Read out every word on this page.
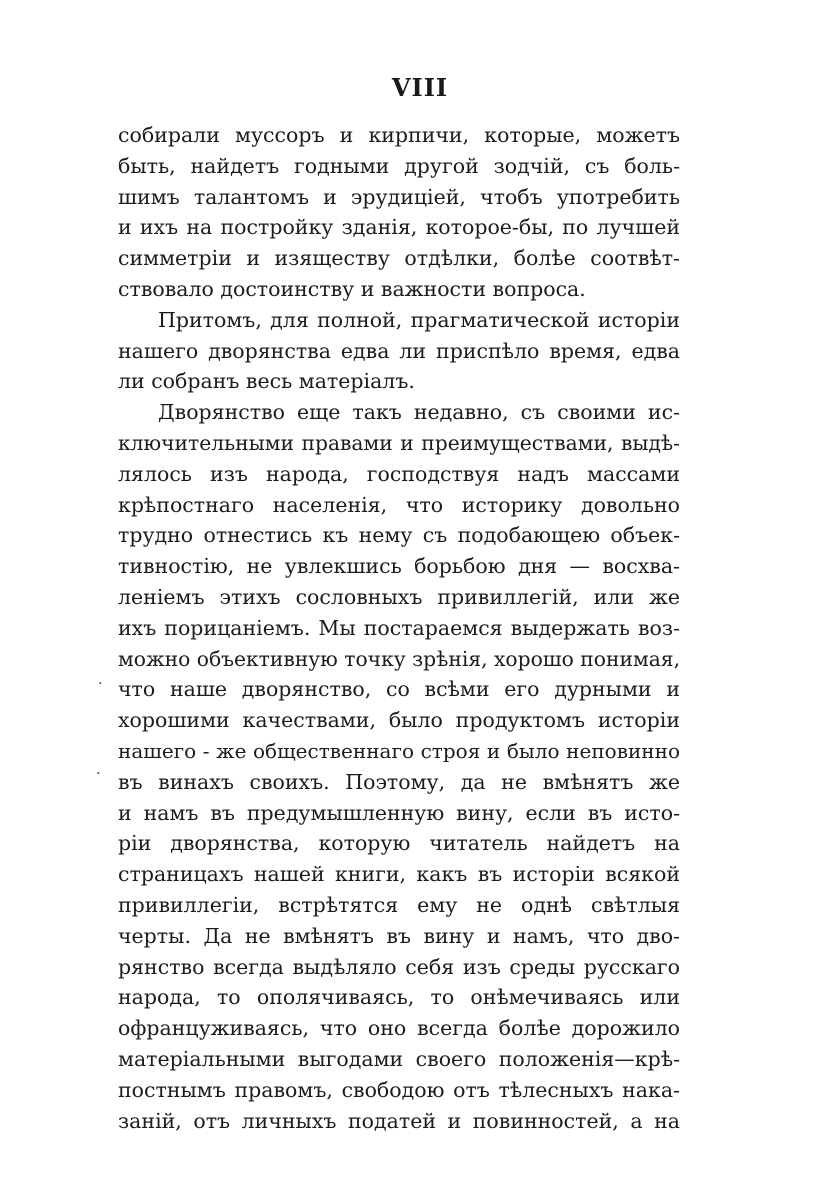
VIII
·
·
собирали муссоръ и кирпичи, которые, можетъ
быть, найдетъ годными другой зодчій, съ боль-
шимъ талантомъ и эрудиціей, чтобъ употребить
и ихъ на постройку зданія, которое-бы, по лучшей
симметріи и изяществу отдѣлки, болѣе соотвѣт-
ствовало достоинству и важности вопроса.
Притомъ, для полной, прагматической исторіи
нашего дворянства едва ли приспѣло время, едва
ли собранъ весь матеріалъ.
Дворянство еще такъ недавно, съ своими ис-
ключительными правами и преимуществами, выдѣ-
лялось изъ народа, господствуя надъ массами
крѣпостнаго населенія, что историку довольно
трудно отнестись къ нему съ подобающею объек-
тивностію, не увлекшись борьбою дня — восхва-
леніемъ этихъ сословныхъ привиллегій, или же
ихъ порицаніемъ. Мы постараемся выдержать воз-
можно объективную точку зрѣнія, хорошо понимая,
что наше дворянство, со всѣми его дурными и
хорошими качествами, было продуктомъ исторіи
нашего - же общественнаго строя и было неповинно
въ винахъ своихъ. Поэтому, да не вмѣнятъ же
и намъ въ предумышленную вину, если въ исто-
ріи дворянства, которую читатель найдетъ на
страницахъ нашей книги, какъ въ исторіи всякой
привиллегіи, встрѣтятся ему не однѣ свѣтлыя
черты. Да не вмѣнятъ въ вину и намъ, что дво-
рянство всегда выдѣляло себя изъ среды русскаго
народа, то ополячиваясь, то онѣмечиваясь или
офранцуживаясь, что оно всегда болѣе дорожило
матеріальными выгодами своего положенія—крѣ-
постнымъ правомъ, свободою отъ тѣлесныхъ нака-
заній, отъ личныхъ податей и повинностей, а на
